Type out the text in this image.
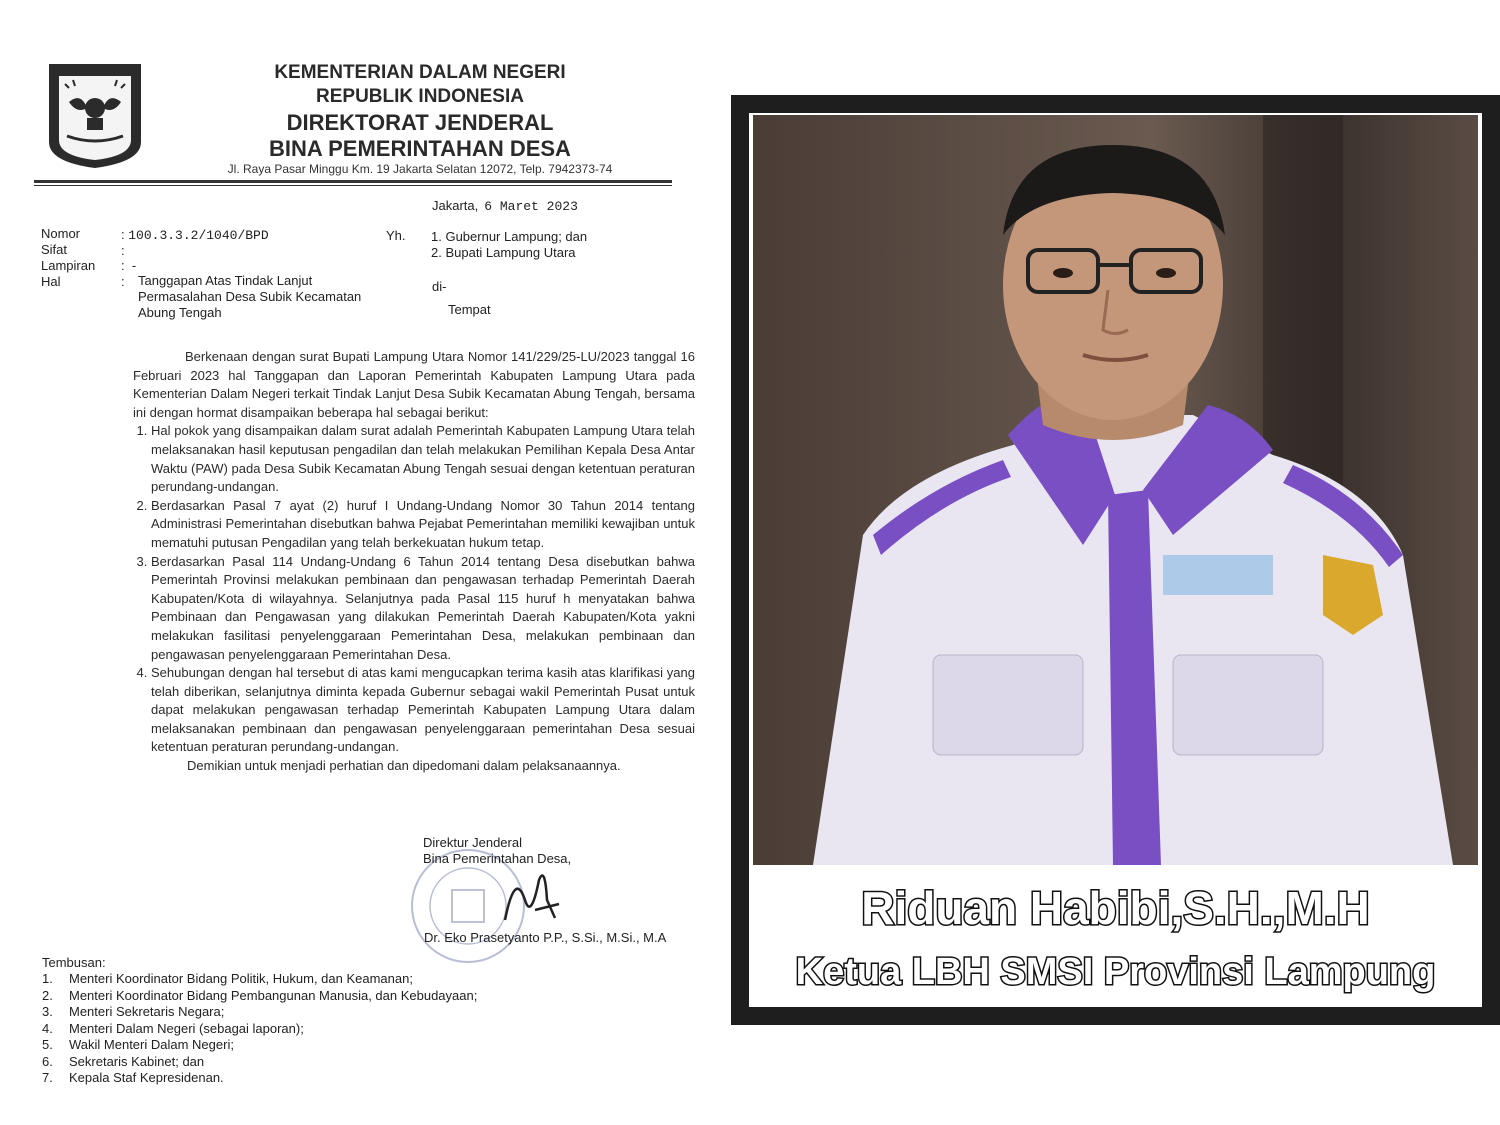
KEMENTERIAN DALAM NEGERI
REPUBLIK INDONESIA
DIREKTORAT JENDERAL
BINA PEMERINTAHAN DESA
Jl. Raya Pasar Minggu Km. 19 Jakarta Selatan 12072, Telp. 7942373-74
Jakarta, 6 Maret 2023
Nomor
Sifat
Lampiran
Hal
: 100.3.3.2/1040/BPD
:
:  -
: Tanggapan Atas Tindak Lanjut Permasalahan Desa Subik Kecamatan Abung Tengah
Yh. 1. Gubernur Lampung; dan
2. Bupati Lampung Utara
di-
Tempat

Berkenaan dengan surat Bupati Lampung Utara Nomor 141/229/25-LU/2023 tanggal 16 Februari 2023 hal Tanggapan dan Laporan Pemerintah Kabupaten Lampung Utara pada Kementerian Dalam Negeri terkait Tindak Lanjut Desa Subik Kecamatan Abung Tengah, bersama ini dengan hormat disampaikan beberapa hal sebagai berikut:

1. Hal pokok yang disampaikan dalam surat adalah Pemerintah Kabupaten Lampung Utara telah melaksanakan hasil keputusan pengadilan dan telah melakukan Pemilihan Kepala Desa Antar Waktu (PAW) pada Desa Subik Kecamatan Abung Tengah sesuai dengan ketentuan peraturan perundang-undangan.
2. Berdasarkan Pasal 7 ayat (2) huruf I Undang-Undang Nomor 30 Tahun 2014 tentang Administrasi Pemerintahan disebutkan bahwa Pejabat Pemerintahan memiliki kewajiban untuk mematuhi putusan Pengadilan yang telah berkekuatan hukum tetap.
3. Berdasarkan Pasal 114 Undang-Undang 6 Tahun 2014 tentang Desa disebutkan bahwa Pemerintah Provinsi melakukan pembinaan dan pengawasan terhadap Pemerintah Daerah Kabupaten/Kota di wilayahnya. Selanjutnya pada Pasal 115 huruf h menyatakan bahwa Pembinaan dan Pengawasan yang dilakukan Pemerintah Daerah Kabupaten/Kota yakni melakukan fasilitasi penyelenggaraan Pemerintahan Desa, melakukan pembinaan dan pengawasan penyelenggaraan Pemerintahan Desa.
4. Sehubungan dengan hal tersebut di atas kami mengucapkan terima kasih atas klarifikasi yang telah diberikan, selanjutnya diminta kepada Gubernur sebagai wakil Pemerintah Pusat untuk dapat melakukan pengawasan terhadap Pemerintah Kabupaten Lampung Utara dalam melaksanakan pembinaan dan pengawasan penyelenggaraan pemerintahan Desa sesuai ketentuan peraturan perundang-undangan.

Demikian untuk menjadi perhatian dan dipedomani dalam pelaksanaannya.

Direktur Jenderal
Bina Pemerintahan Desa,
Dr. Eko Prasetyanto P.P., S.Si., M.Si., M.A
Tembusan:
1. Menteri Koordinator Bidang Politik, Hukum, dan Keamanan;
2. Menteri Koordinator Bidang Pembangunan Manusia, dan Kebudayaan;
3. Menteri Sekretaris Negara;
4. Menteri Dalam Negeri (sebagai laporan);
5. Wakil Menteri Dalam Negeri;
6. Sekretaris Kabinet; dan
7. Kepala Staf Kepresidenan.
Riduan Habibi,S.H.,M.H
Ketua LBH SMSI Provinsi Lampung
